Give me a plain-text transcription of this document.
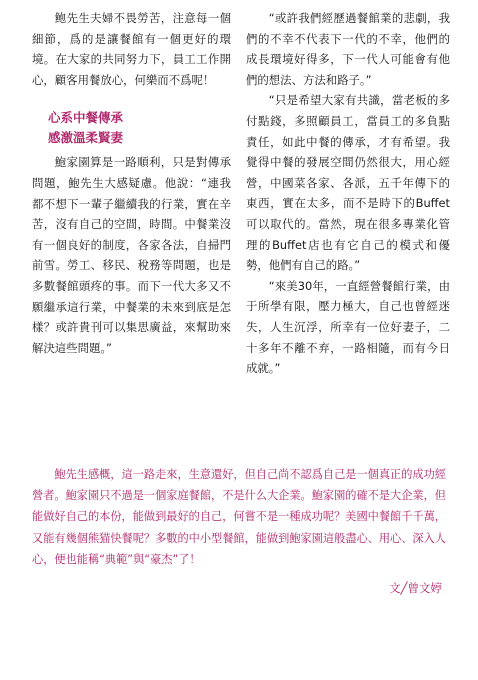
鲍先生夫婦不畏勞苦，注意每一個細節，爲的是讓餐館有一個更好的環境。在大家的共同努力下，員工工作開心，顧客用餐放心，何樂而不爲呢！

心系中餐傳承
感激溫柔賢妻

鮑家園算是一路順利，只是對傳承問題，鮑先生大感疑慮。他說：“連我都不想下一輩子繼續我的行業，實在辛苦，沒有自己的空間，時間。中餐業沒有一個良好的制度，各家各法，自掃門前雪。勞工、移民、稅務等問題，也是多數餐館頭疼的事。而下一代大多又不願繼承這行業，中餐業的未來到底是怎樣？或許貴刊可以集思廣益，來幫助來解決這些問題。”

“或許我們經歷過餐館業的悲劇，我們的不幸不代表下一代的不幸，他們的成長環境好得多，下一代人可能會有他們的想法、方法和路子。”

“只是希望大家有共識，當老板的多付點錢，多照顧員工，當員工的多負點責任，如此中餐的傳承，才有希望。我覺得中餐的發展空間仍然很大，用心經營，中國菜各家、各派，五千年傳下的東西，實在太多，而不是時下的Buffet可以取代的。當然，現在很多專業化管理的Buffet店也有它自己的模式和優勢，他們有自己的路。”

“來美30年，一直經營餐館行業，由于所學有限，壓力極大，自己也曾經迷失，人生沉浮，所幸有一位好妻子，二十多年不離不弃，一路相隨，而有今日成就。”

鮑先生感概，這一路走來，生意還好，但自己尚不認爲自己是一個真正的成功經營者。鮑家園只不過是一個家庭餐館，不是什么大企業。鮑家園的確不是大企業，但能做好自己的本份，能做到最好的自己，何嘗不是一種成功呢？美國中餐館千千萬，又能有幾個熊猫快餐呢？多數的中小型餐館，能做到鮑家園這般盡心、用心、深入人心，便也能稱“典範”與“豪杰”了！

文╱曾文婷
